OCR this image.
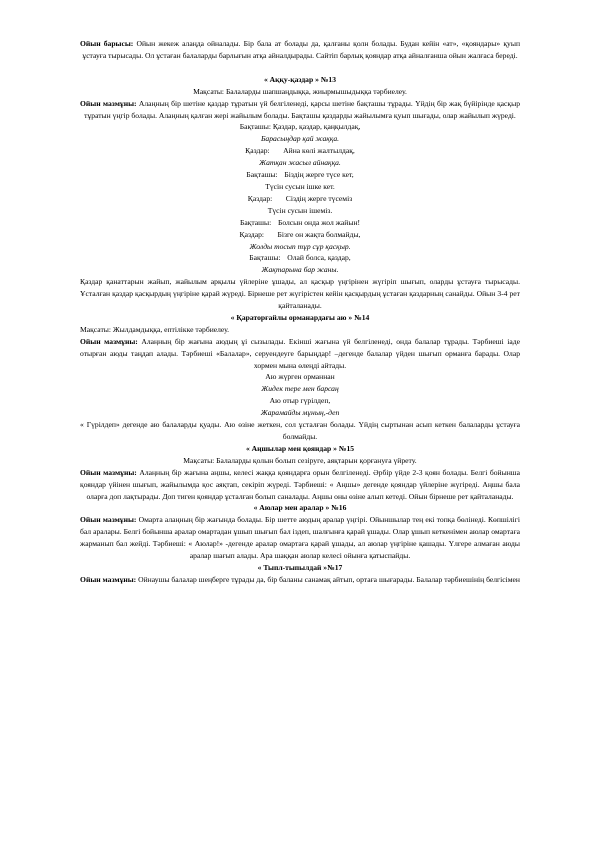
Ойын барысы: Ойын жекеж алаңда ойналады. Бір бала ат болады да, қалғаны қолн болады. Будан кейін «ат», «қояндары» қуып ұстауға тырысады. Ол ұстаған балаларды барлығын атқа айналдырады. Сайтіп барлық қояндар атқа айналғанша ойын жалғаса береді.

« Аққу-қаздар » №13

Мақсаты: Балаларды шапшаңдыққа, жиырмышыдыққа тәрбиелеу.

Ойын мазмұны: Алаңның бір шетіне қаздар тұратын үй белгіленеді, қарсы шетіне бақташы тұрады. Үйдің бір жақ бүйірінде қасқыр тұратын үңгір болады. Алаңның қалған жері жайылым болады. Бақташы қаздарды жайылымға қуып шығады, олар жайылып жүреді.

Бақташы: Қаздар, қаздар, қаңқылдақ,

Барасыңдар қай жаққа.

Қаздар: Айна көлі жалтылдақ,

Жатқан жасыл айнаққа.

Бақташы: Біздің жерге түсе кет,

Түсін сусын ішке кет.

Қаздар: Сіздің жерге түсеміз

Түсін сусын ішеміз.

Бақташы: Болсын онда жол жайын!

Қаздар: Бізге он жақта болмайды,

Жолды тосып тұр сұр қасқыр.

Бақташы: Олай болса, қаздар,

Жақтарына бар жаны.

Қаздар қанаттарын жайып, жайылым арқылы үйлеріне ұшады, ал қасқыр үңгірінен жүгіріп шығып, оларды ұстауға тырысады. Ұсталған қаздар қасқырдың үңгіріне қарай жүреді. Бірнеше рет жүгірістен кейін қасқырдың ұстаған қаздарның санайды. Ойын 3-4 рет қайталанады.

« Қараторғайлы орманардағы аю » №14

Мақсаты: Жылдамдыққа, ептілікке тәрбиелеу.

Ойын мазмұны: Алаңның бір жағына аюдың ұі сызылады. Екінші жағына үй белгіленеді, онда балалар тұрады. Тәрбиеші іаде отырған аюды таңдап алады. Тәрбиеші «Балалар», серуендеуге барыңдар! –дегенде балалар үйден шығып орманға барады. Олар хормен мына өлеңді айтады.

Аю жүрген орманнан

Жидек тере мен барсаң

Аю отыр гүрілдеп,

Жарамайды мұның,-деп

« Гүрілдеп» дегенде аю балаларды қуады. Аю өзіне жеткен, сол ұсталған болады. Үйдің сыртынан асып кеткен балаларды ұстауға болмайды.

« Аңшылар мен қояндар » №15

Мақсаты: Балаларды қолын болып сезіруге, аяқтарын қорғануға үйрету.

Ойын мазмұны: Алаңның бір жағына аңшы, келесі жаққа қояндарға орын белгіленеді. Әрбір үйде 2-3 қоян болады. Белгі бойынша қояндар үйінен шығып, жайылымда қос аяқтап, секіріп жүреді. Тәрбиеші: « Аңшы» дегенде қояндар үйлеріне жүгіреді. Аңшы бала оларға доп лақтырады. Доп тиген қояндар ұсталған болып саналады. Аңшы оны өзіне алып кетеді. Ойын бірнеше рет қайталанады.

« Аюлар мен аралар » №16

Ойын мазмұны: Омарта алаңның бір жағында болады. Бір шетте аюдың аралар үңгірі. Ойыншылар тең екі топқа бөлінеді. Көпшілігі бал аралары. Белгі бойынша аралар омартадан ұшып шығып бал іздеп, шалғынға қарай ұшады. Олар ұшып кеткенімен аюлар омартаға жарманып бал жейді. Тәрбиеші: « Аюлар!» -дегенде аралар омартаға қарай ұшады, ал аюлар үңгіріне қашады. Үлгере алмаған аюды аралар шағып алады. Ара шаққан аюлар келесі ойынға қатыспайды.

« Тыпл-тыпылдай »№17

Ойын мазмұны: Ойнаушы балалар шеңберге тұрады да, бір баланы санамақ айтып, ортаға шығарады. Балалар тәрбиешінің белгісімен
